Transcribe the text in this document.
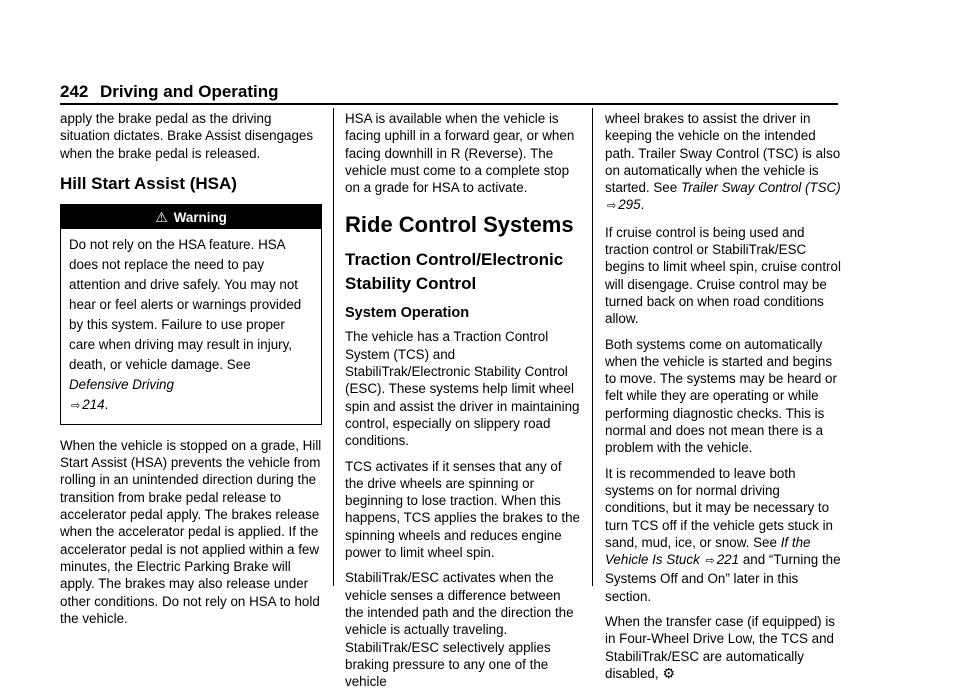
242 Driving and Operating

apply the brake pedal as the driving situation dictates. Brake Assist disengages when the brake pedal is released.

Hill Start Assist (HSA)
⚠ Warning
Do not rely on the HSA feature. HSA does not replace the need to pay attention and drive safely. You may not hear or feel alerts or warnings provided by this system. Failure to use proper care when driving may result in injury, death, or vehicle damage. See Defensive Driving
⇨ 214.

When the vehicle is stopped on a grade, Hill Start Assist (HSA) prevents the vehicle from rolling in an unintended direction during the transition from brake pedal release to accelerator pedal apply. The brakes release when the accelerator pedal is applied. If the accelerator pedal is not applied within a few minutes, the Electric Parking Brake will apply. The brakes may also release under other conditions. Do not rely on HSA to hold the vehicle.

HSA is available when the vehicle is facing uphill in a forward gear, or when facing downhill in R (Reverse). The vehicle must come to a complete stop on a grade for HSA to activate.

Ride Control Systems
Traction Control/Electronic Stability Control
System Operation

The vehicle has a Traction Control System (TCS) and StabiliTrak/Electronic Stability Control (ESC). These systems help limit wheel spin and assist the driver in maintaining control, especially on slippery road conditions.

TCS activates if it senses that any of the drive wheels are spinning or beginning to lose traction. When this happens, TCS applies the brakes to the spinning wheels and reduces engine power to limit wheel spin.

StabiliTrak/ESC activates when the vehicle senses a difference between the intended path and the direction the vehicle is actually traveling. StabiliTrak/ESC selectively applies braking pressure to any one of the vehicle

wheel brakes to assist the driver in keeping the vehicle on the intended path. Trailer Sway Control (TSC) is also on automatically when the vehicle is started. See Trailer Sway Control (TSC) ⇨ 295.

If cruise control is being used and traction control or StabiliTrak/ESC begins to limit wheel spin, cruise control will disengage. Cruise control may be turned back on when road conditions allow.

Both systems come on automatically when the vehicle is started and begins to move. The systems may be heard or felt while they are operating or while performing diagnostic checks. This is normal and does not mean there is a problem with the vehicle.

It is recommended to leave both systems on for normal driving conditions, but it may be necessary to turn TCS off if the vehicle gets stuck in sand, mud, ice, or snow. See If the Vehicle Is Stuck ⇨ 221 and “Turning the Systems Off and On” later in this section.

When the transfer case (if equipped) is in Four-Wheel Drive Low, the TCS and StabiliTrak/ESC are automatically disabled, ⚙
